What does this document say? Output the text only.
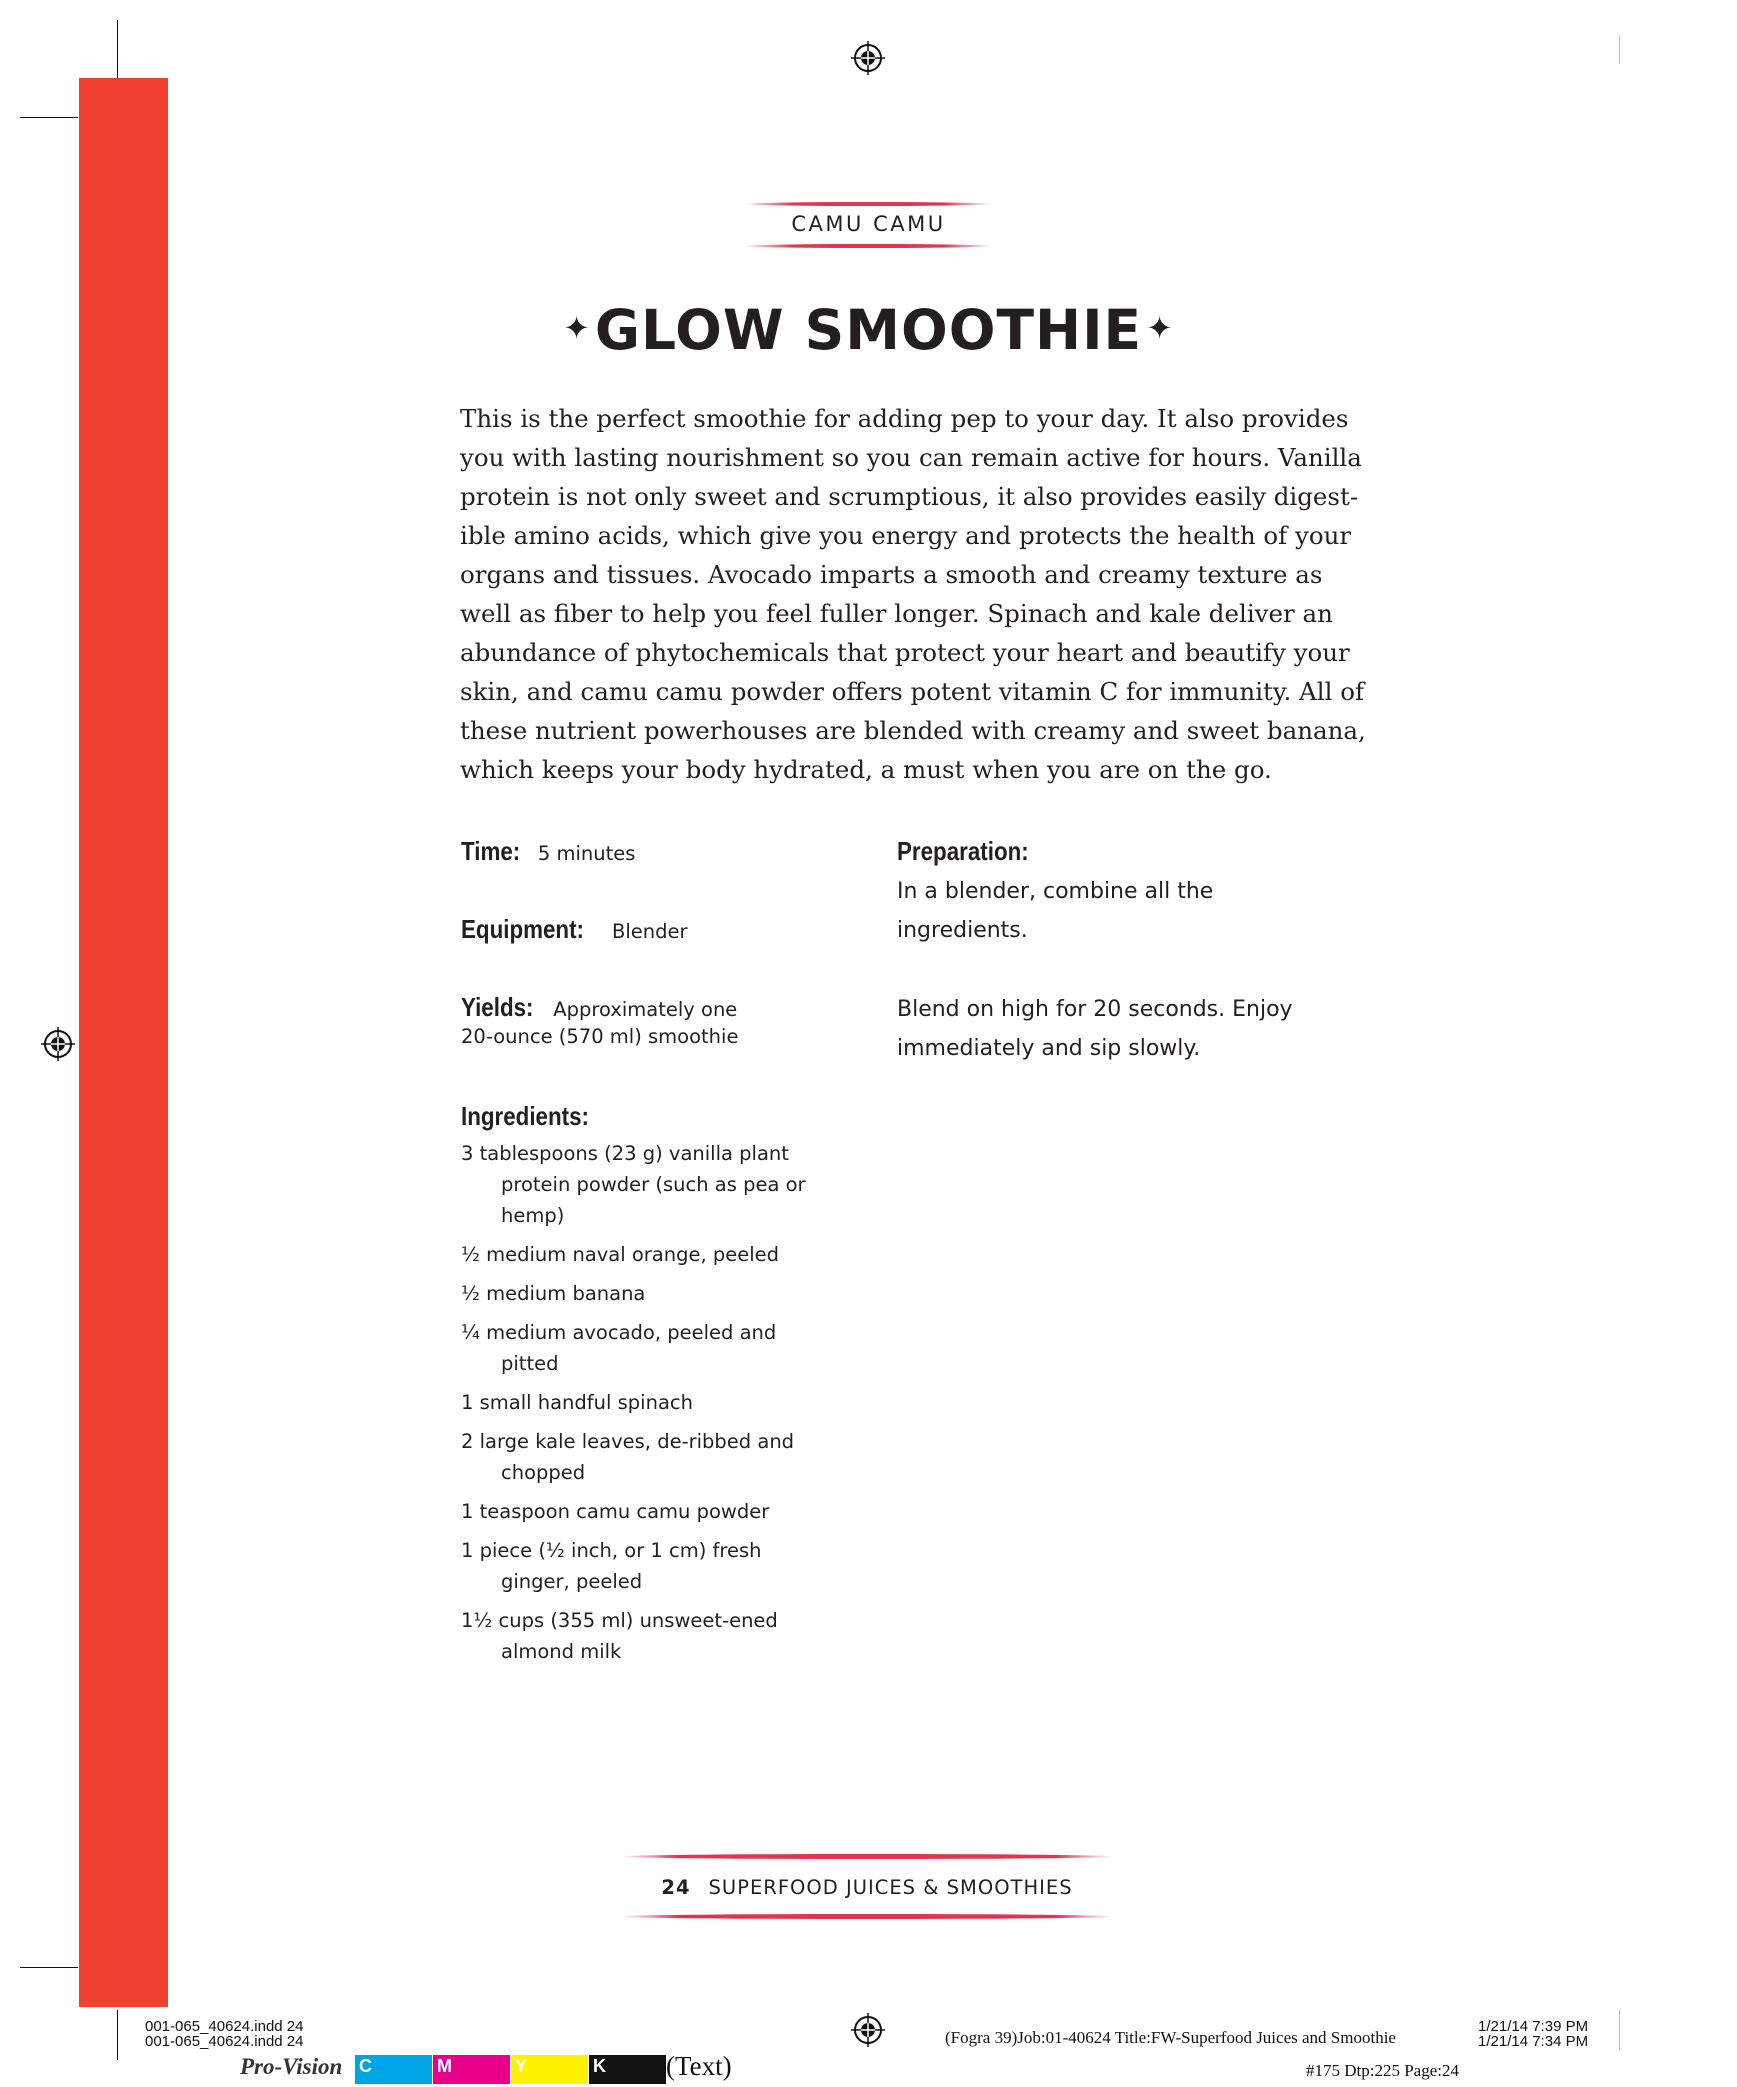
CAMU CAMU
✦GLOW SMOOTHIE ✦

This is the perfect smoothie for adding pep to your day. It also provides

you with lasting nourishment so you can remain active for hours. Vanilla

protein is not only sweet and scrumptious, it also provides easily digest-

ible amino acids, which give you energy and protects the health of your

organs and tissues. Avocado imparts a smooth and creamy texture as

well as fiber to help you feel fuller longer. Spinach and kale deliver an

abundance of phytochemicals that protect your heart and beautify your

skin, and camu camu powder offers potent vitamin C for immunity. All of

these nutrient powerhouses are blended with creamy and sweet banana,

which keeps your body hydrated, a must when you are on the go.

Time: 5 minutes
Equipment: Blender
Yields: Approximately one
20-ounce (570 ml) smoothie
Ingredients:
3 tablespoons (23 g) vanilla plant protein powder (such as pea or hemp)
½ medium naval orange, peeled
½ medium banana
¼ medium avocado, peeled and pitted
1 small handful spinach
2 large kale leaves, de-ribbed and chopped
1 teaspoon camu camu powder
1 piece (½ inch, or 1 cm) fresh ginger, peeled
1½ cups (355 ml) unsweet-ened almond milk
Preparation:
In a blender, combine all the ingredients.
Blend on high for 20 seconds. Enjoy immediately and sip slowly.
24 SUPERFOOD JUICES & SMOOTHIES
001-065_40624.indd 24
001-065_40624.indd 24
Pro-Vision C	M	Y	K (Text)
(Fogra 39)Job:01-40624 Title:FW-Superfood Juices and Smoothie
1/21/14 7:39 PM
1/21/14 7:34 PM
#175 Dtp:225 Page:24
